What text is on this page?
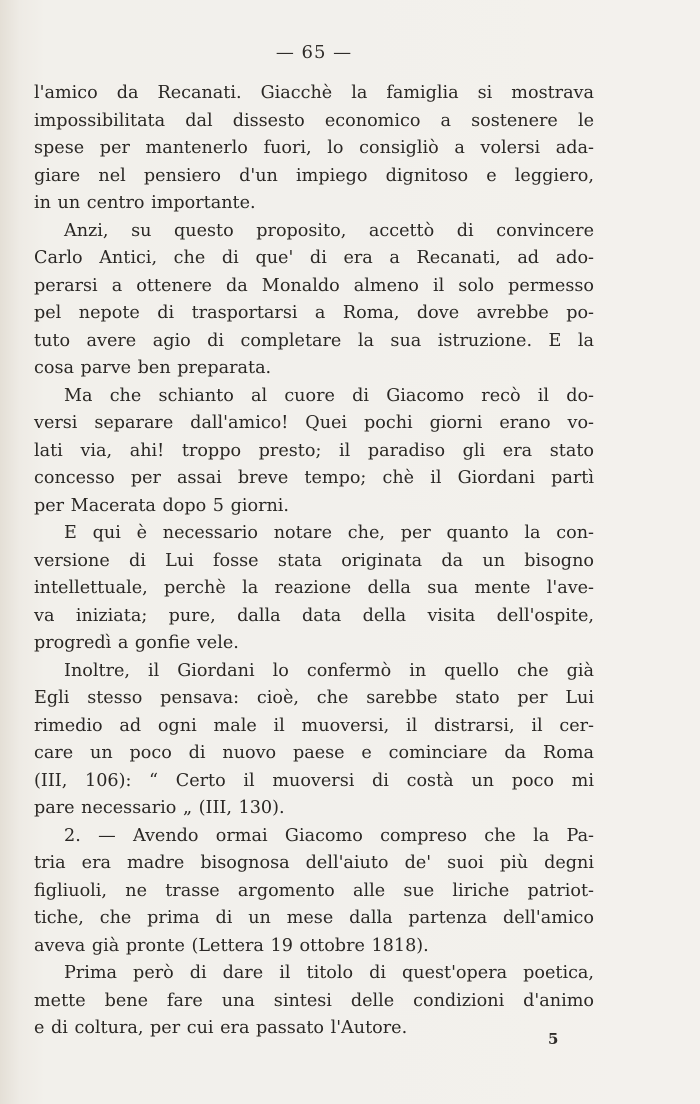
— 65 —
l'amico da Recanati. Giacchè la famiglia si mostrava
impossibilitata dal dissesto economico a sostenere le
spese per mantenerlo fuori, lo consigliò a volersi ada-
giare nel pensiero d'un impiego dignitoso e leggiero,
in un centro importante.
Anzi, su questo proposito, accettò di convincere
Carlo Antici, che di que' di era a Recanati, ad ado-
perarsi a ottenere da Monaldo almeno il solo permesso
pel nepote di trasportarsi a Roma, dove avrebbe po-
tuto avere agio di completare la sua istruzione. E la
cosa parve ben preparata.
Ma che schianto al cuore di Giacomo recò il do-
versi separare dall'amico! Quei pochi giorni erano vo-
lati via, ahi! troppo presto; il paradiso gli era stato
concesso per assai breve tempo; chè il Giordani partì
per Macerata dopo 5 giorni.
E qui è necessario notare che, per quanto la con-
versione di Lui fosse stata originata da un bisogno
intellettuale, perchè la reazione della sua mente l'ave-
va iniziata; pure, dalla data della visita dell'ospite,
progredì a gonfie vele.
Inoltre, il Giordani lo confermò in quello che già
Egli stesso pensava: cioè, che sarebbe stato per Lui
rimedio ad ogni male il muoversi, il distrarsi, il cer-
care un poco di nuovo paese e cominciare da Roma
(III, 106): “ Certo il muoversi di costà un poco mi
pare necessario „ (III, 130).
2. — Avendo ormai Giacomo compreso che la Pa-
tria era madre bisognosa dell'aiuto de' suoi più degni
figliuoli, ne trasse argomento alle sue liriche patriot-
tiche, che prima di un mese dalla partenza dell'amico
aveva già pronte (Lettera 19 ottobre 1818).
Prima però di dare il titolo di quest'opera poetica,
mette bene fare una sintesi delle condizioni d'animo
e di coltura, per cui era passato l'Autore.
5
